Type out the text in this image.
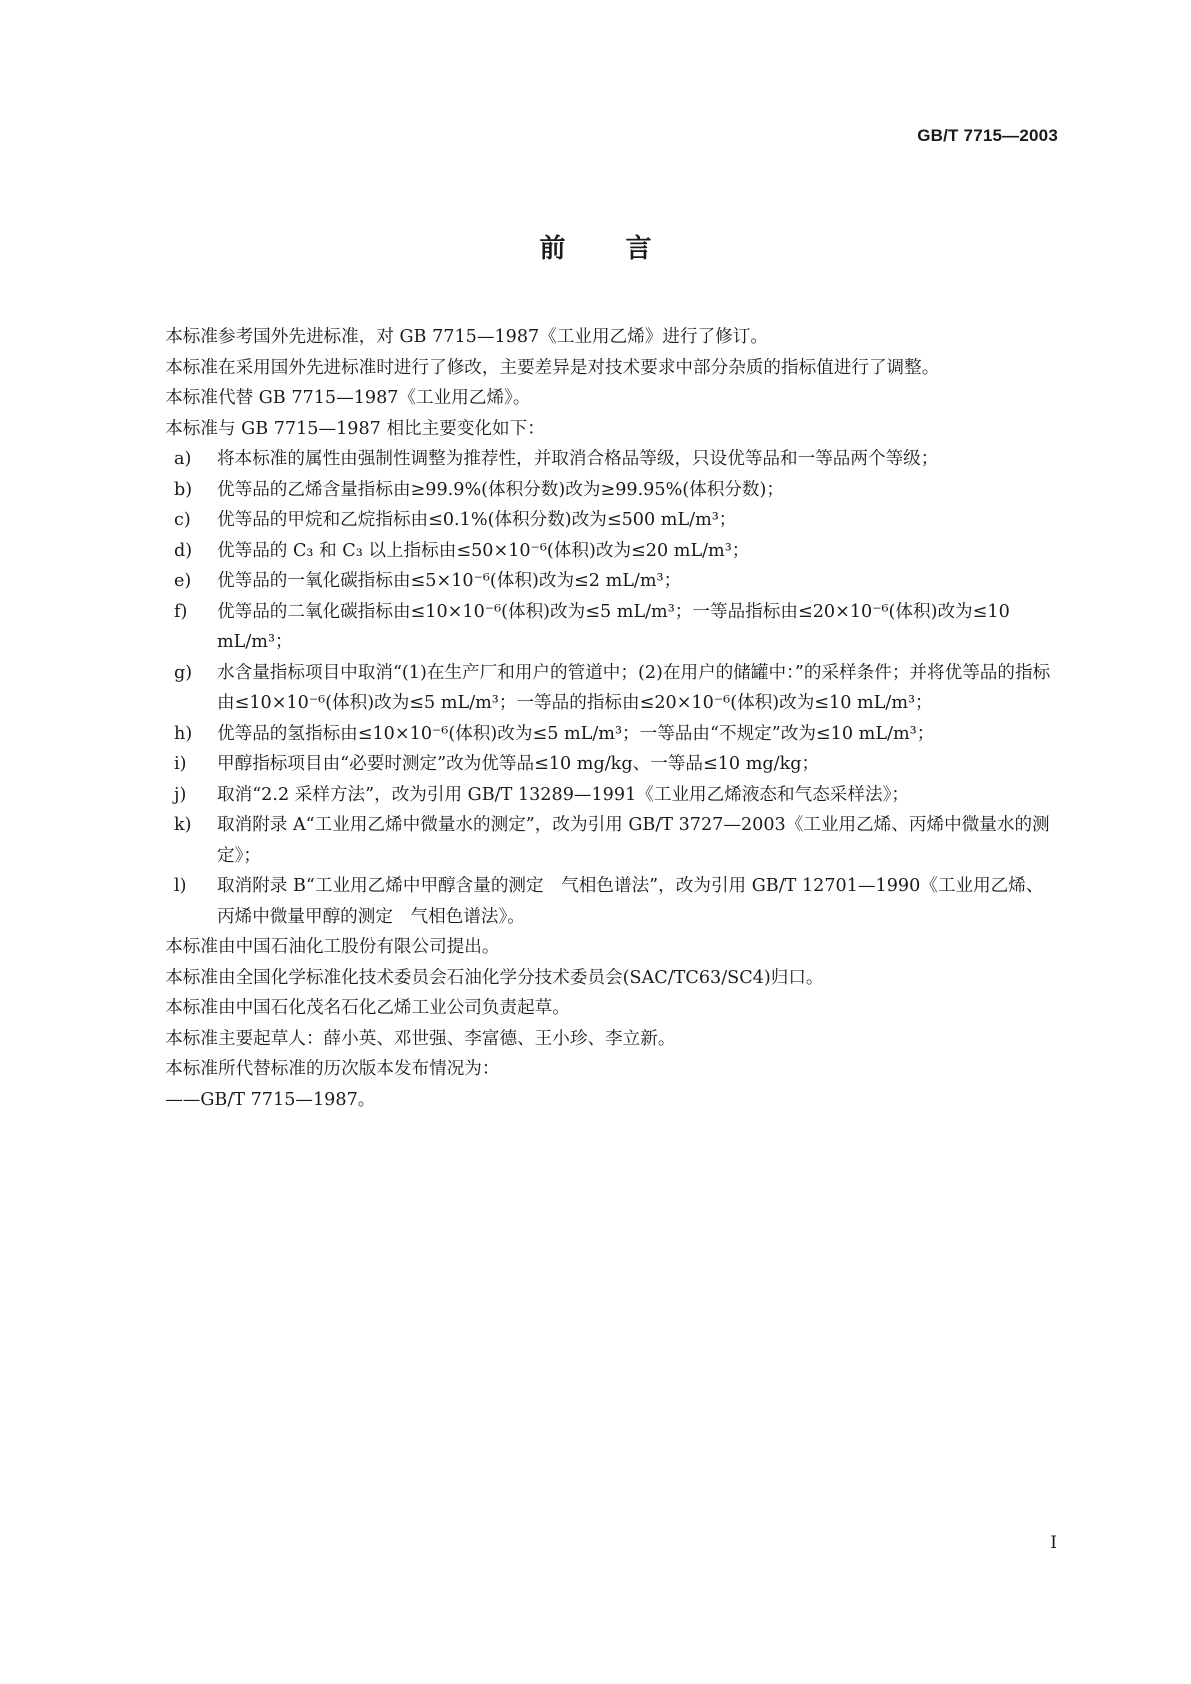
GB/T 7715—2003
前言

本标准参考国外先进标准，对 GB 7715—1987《工业用乙烯》进行了修订。

本标准在采用国外先进标准时进行了修改，主要差异是对技术要求中部分杂质的指标值进行了调整。

本标准代替 GB 7715—1987《工业用乙烯》。

本标准与 GB 7715—1987 相比主要变化如下：

a) 将本标准的属性由强制性调整为推荐性，并取消合格品等级，只设优等品和一等品两个等级；
b) 优等品的乙烯含量指标由≥99.9%(体积分数)改为≥99.95%(体积分数)；
c) 优等品的甲烷和乙烷指标由≤0.1%(体积分数)改为≤500 mL/m³；
d) 优等品的 C₃ 和 C₃ 以上指标由≤50×10⁻⁶(体积)改为≤20 mL/m³；
e) 优等品的一氧化碳指标由≤5×10⁻⁶(体积)改为≤2 mL/m³；
f) 优等品的二氧化碳指标由≤10×10⁻⁶(体积)改为≤5 mL/m³；一等品指标由≤20×10⁻⁶(体积)改为≤10 mL/m³；
g) 水含量指标项目中取消“(1)在生产厂和用户的管道中；(2)在用户的储罐中：”的采样条件；并将优等品的指标由≤10×10⁻⁶(体积)改为≤5 mL/m³；一等品的指标由≤20×10⁻⁶(体积)改为≤10 mL/m³；
h) 优等品的氢指标由≤10×10⁻⁶(体积)改为≤5 mL/m³；一等品由“不规定”改为≤10 mL/m³；
i) 甲醇指标项目由“必要时测定”改为优等品≤10 mg/kg、一等品≤10 mg/kg；
j) 取消“2.2 采样方法”，改为引用 GB/T 13289—1991《工业用乙烯液态和气态采样法》；
k) 取消附录 A“工业用乙烯中微量水的测定”，改为引用 GB/T 3727—2003《工业用乙烯、丙烯中微量水的测定》；
l) 取消附录 B“工业用乙烯中甲醇含量的测定　气相色谱法”，改为引用 GB/T 12701—1990《工业用乙烯、丙烯中微量甲醇的测定　气相色谱法》。

本标准由中国石油化工股份有限公司提出。

本标准由全国化学标准化技术委员会石油化学分技术委员会(SAC/TC63/SC4)归口。

本标准由中国石化茂名石化乙烯工业公司负责起草。

本标准主要起草人：薛小英、邓世强、李富德、王小珍、李立新。

本标准所代替标准的历次版本发布情况为：

——GB/T 7715—1987。

I
